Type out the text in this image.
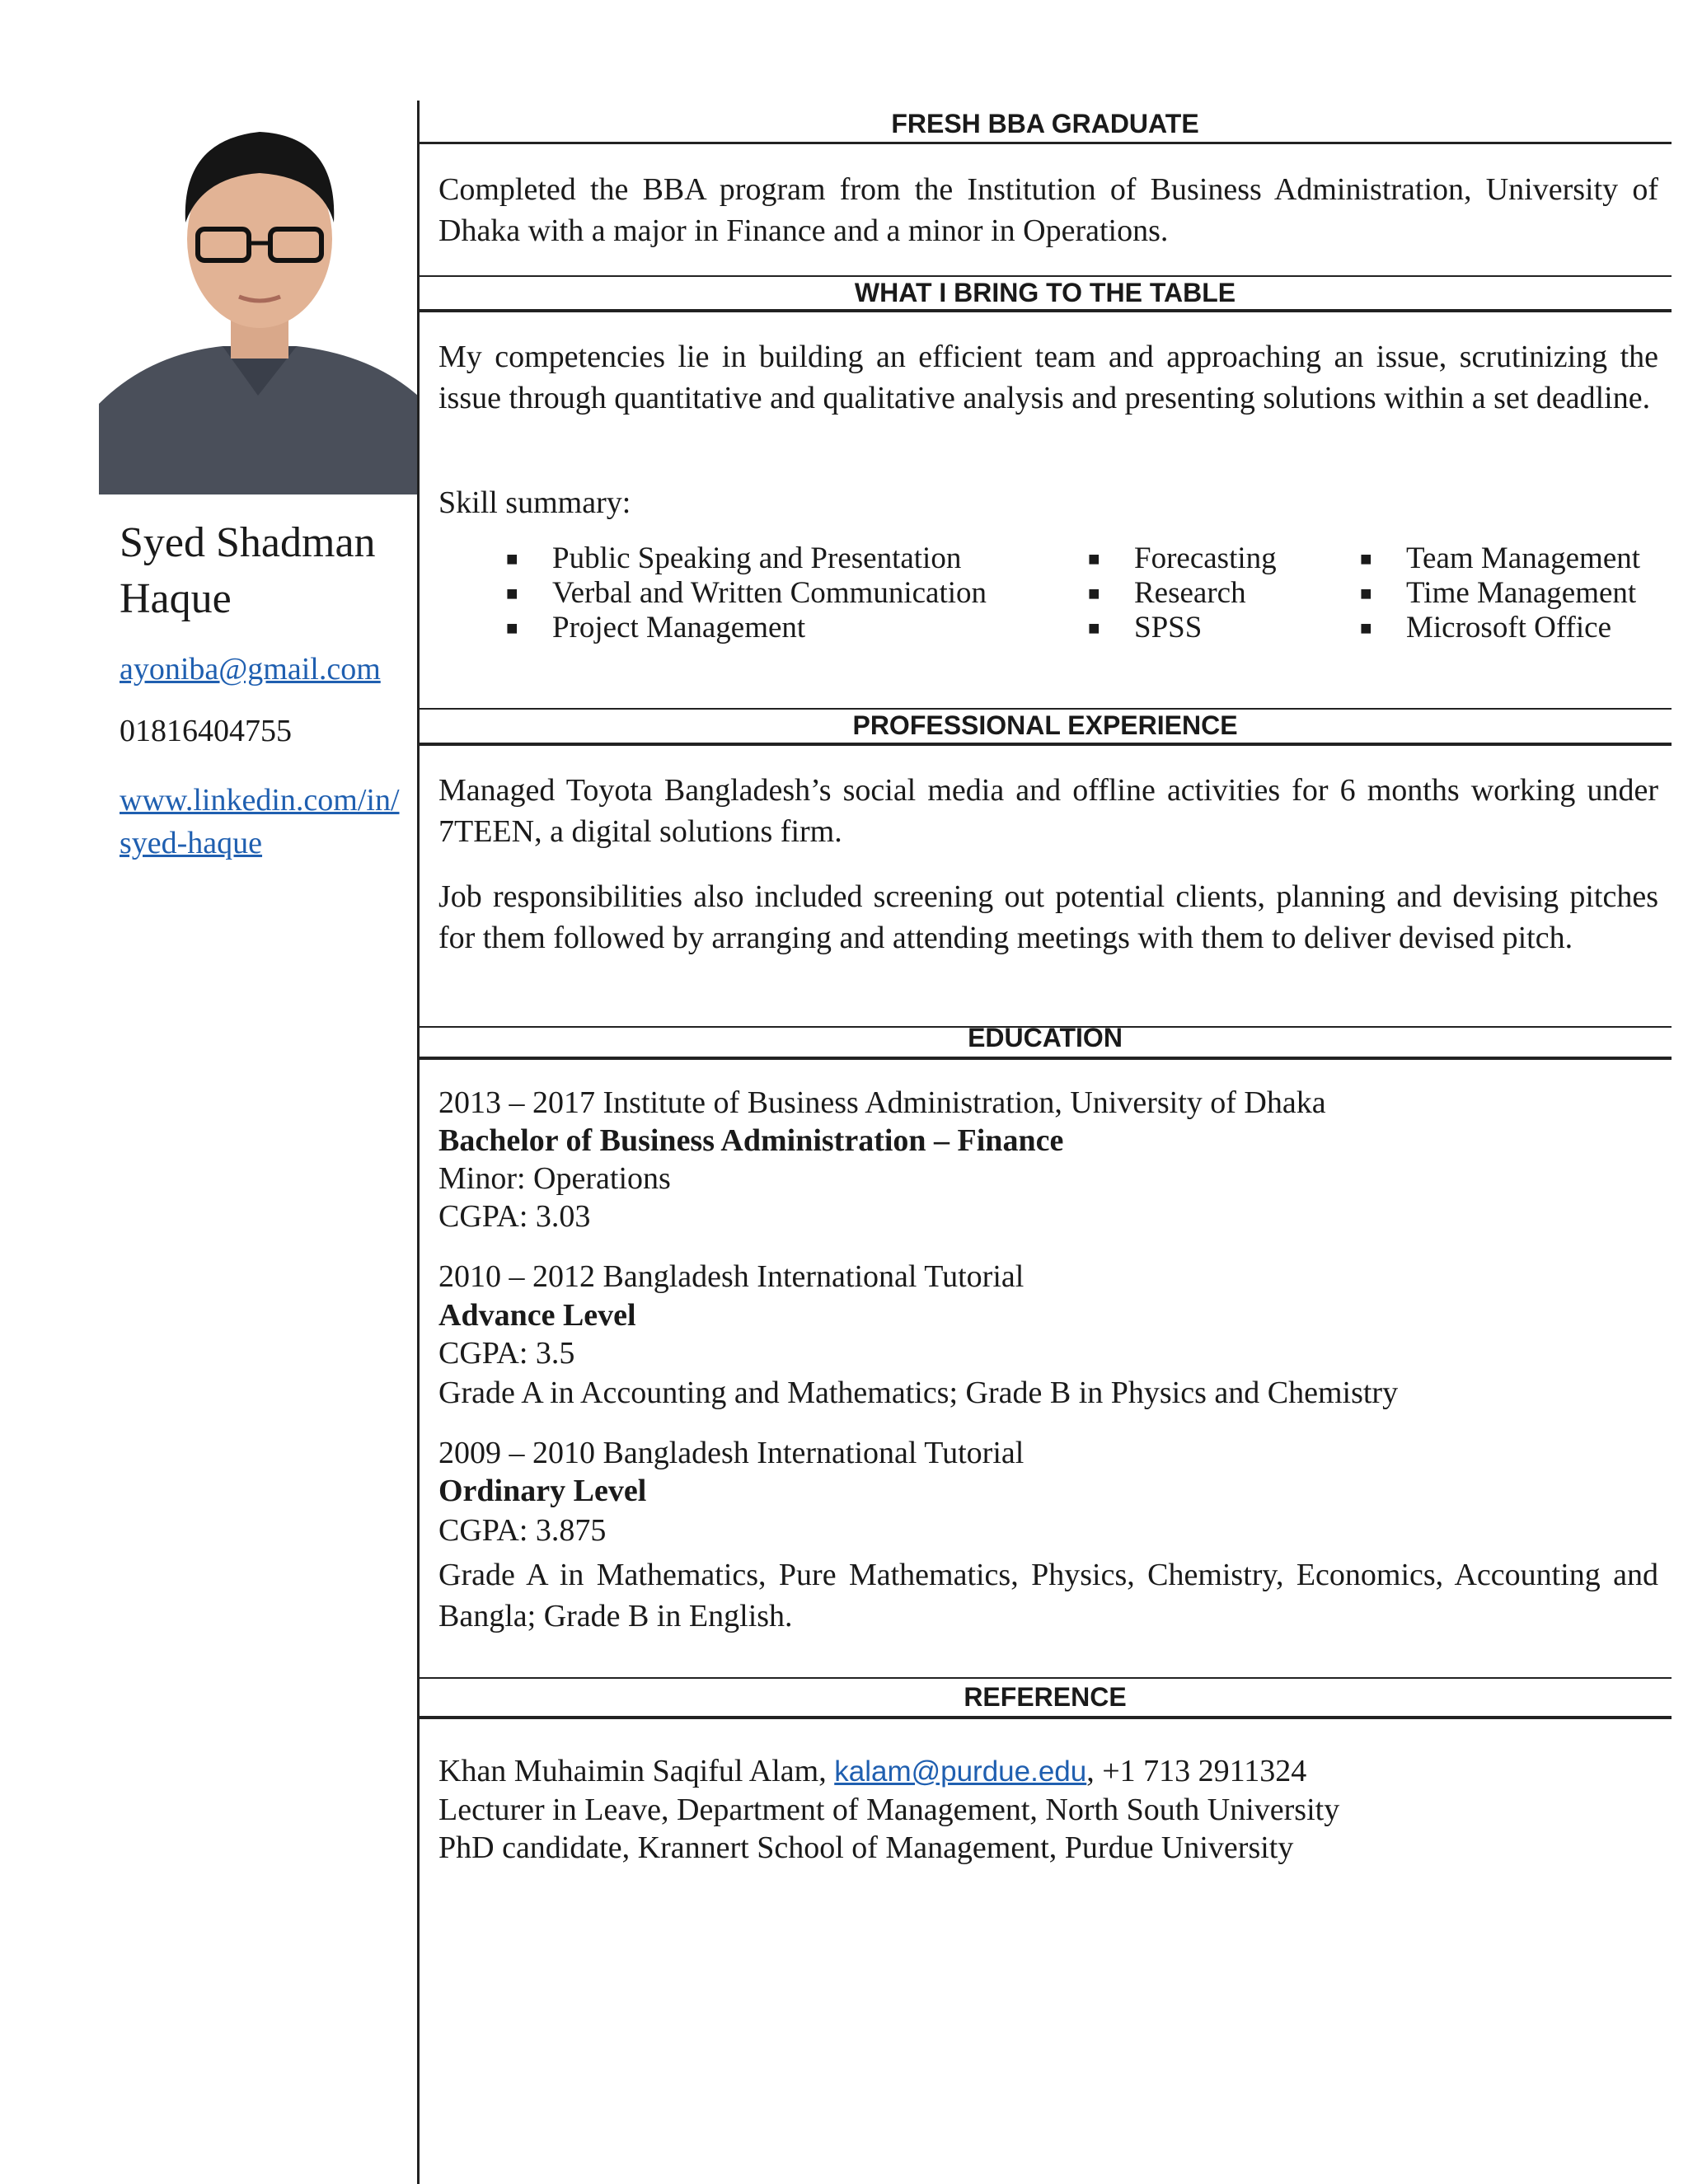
Syed Shadman Haque
ayoniba@gmail.com
01816404755
www.linkedin.com/in/syed-haque
FRESH BBA GRADUATE
Completed the BBA program from the Institution of Business Administration, University of Dhaka with a major in Finance and a minor in Operations.
WHAT I BRING TO THE TABLE
My competencies lie in building an efficient team and approaching an issue, scrutinizing the issue through quantitative and qualitative analysis and presenting solutions within a set deadline.
Skill summary:
■ Public Speaking and Presentation
■ Verbal and Written Communication
■ Project Management
■ Forecasting
■ Research
■ SPSS
■ Team Management
■ Time Management
■ Microsoft Office
PROFESSIONAL EXPERIENCE
Managed Toyota Bangladesh’s social media and offline activities for 6 months working under 7TEEN, a digital solutions firm.
Job responsibilities also included screening out potential clients, planning and devising pitches for them followed by arranging and attending meetings with them to deliver devised pitch.
EDUCATION
2013 – 2017 Institute of Business Administration, University of Dhaka
Bachelor of Business Administration – Finance
Minor: Operations
CGPA: 3.03
2010 – 2012 Bangladesh International Tutorial
Advance Level
CGPA: 3.5
Grade A in Accounting and Mathematics; Grade B in Physics and Chemistry
2009 – 2010 Bangladesh International Tutorial
Ordinary Level
CGPA: 3.875
Grade A in Mathematics, Pure Mathematics, Physics, Chemistry, Economics, Accounting and Bangla; Grade B in English.
REFERENCE
Khan Muhaimin Saqiful Alam, kalam@purdue.edu, +1 713 2911324
Lecturer in Leave, Department of Management, North South University
PhD candidate, Krannert School of Management, Purdue University
